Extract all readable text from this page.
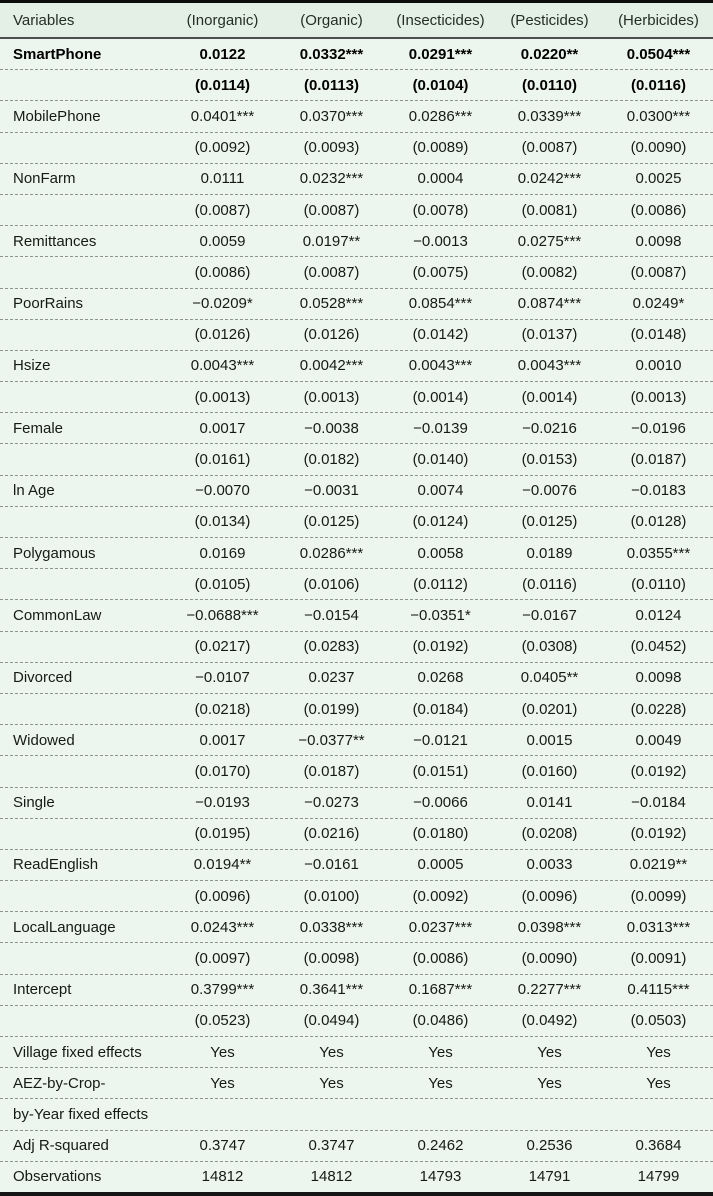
Variables	(Inorganic)	(Organic)	(Insecticides)	(Pesticides)	(Herbicides)
SmartPhone	0.0122	0.0332***	0.0291***	0.0220**	0.0504***
(0.0114)	(0.0113)	(0.0104)	(0.0110)	(0.0116)
MobilePhone	0.0401***	0.0370***	0.0286***	0.0339***	0.0300***
(0.0092)	(0.0093)	(0.0089)	(0.0087)	(0.0090)
NonFarm	0.0111	0.0232***	0.0004	0.0242***	0.0025
(0.0087)	(0.0087)	(0.0078)	(0.0081)	(0.0086)
Remittances	0.0059	0.0197**	−0.0013	0.0275***	0.0098
(0.0086)	(0.0087)	(0.0075)	(0.0082)	(0.0087)
PoorRains	−0.0209*	0.0528***	0.0854***	0.0874***	0.0249*
(0.0126)	(0.0126)	(0.0142)	(0.0137)	(0.0148)
Hsize	0.0043***	0.0042***	0.0043***	0.0043***	0.0010
(0.0013)	(0.0013)	(0.0014)	(0.0014)	(0.0013)
Female	0.0017	−0.0038	−0.0139	−0.0216	−0.0196
(0.0161)	(0.0182)	(0.0140)	(0.0153)	(0.0187)
ln Age	−0.0070	−0.0031	0.0074	−0.0076	−0.0183
(0.0134)	(0.0125)	(0.0124)	(0.0125)	(0.0128)
Polygamous	0.0169	0.0286***	0.0058	0.0189	0.0355***
(0.0105)	(0.0106)	(0.0112)	(0.0116)	(0.0110)
CommonLaw	−0.0688***	−0.0154	−0.0351*	−0.0167	0.0124
(0.0217)	(0.0283)	(0.0192)	(0.0308)	(0.0452)
Divorced	−0.0107	0.0237	0.0268	0.0405**	0.0098
(0.0218)	(0.0199)	(0.0184)	(0.0201)	(0.0228)
Widowed	0.0017	−0.0377**	−0.0121	0.0015	0.0049
(0.0170)	(0.0187)	(0.0151)	(0.0160)	(0.0192)
Single	−0.0193	−0.0273	−0.0066	0.0141	−0.0184
(0.0195)	(0.0216)	(0.0180)	(0.0208)	(0.0192)
ReadEnglish	0.0194**	−0.0161	0.0005	0.0033	0.0219**
(0.0096)	(0.0100)	(0.0092)	(0.0096)	(0.0099)
LocalLanguage	0.0243***	0.0338***	0.0237***	0.0398***	0.0313***
(0.0097)	(0.0098)	(0.0086)	(0.0090)	(0.0091)
Intercept	0.3799***	0.3641***	0.1687***	0.2277***	0.4115***
(0.0523)	(0.0494)	(0.0486)	(0.0492)	(0.0503)
Village fixed effects	Yes	Yes	Yes	Yes	Yes
AEZ-by-Crop-	Yes	Yes	Yes	Yes	Yes
by-Year fixed effects
Adj R-squared	0.3747	0.3747	0.2462	0.2536	0.3684
Observations	14812	14812	14793	14791	14799
